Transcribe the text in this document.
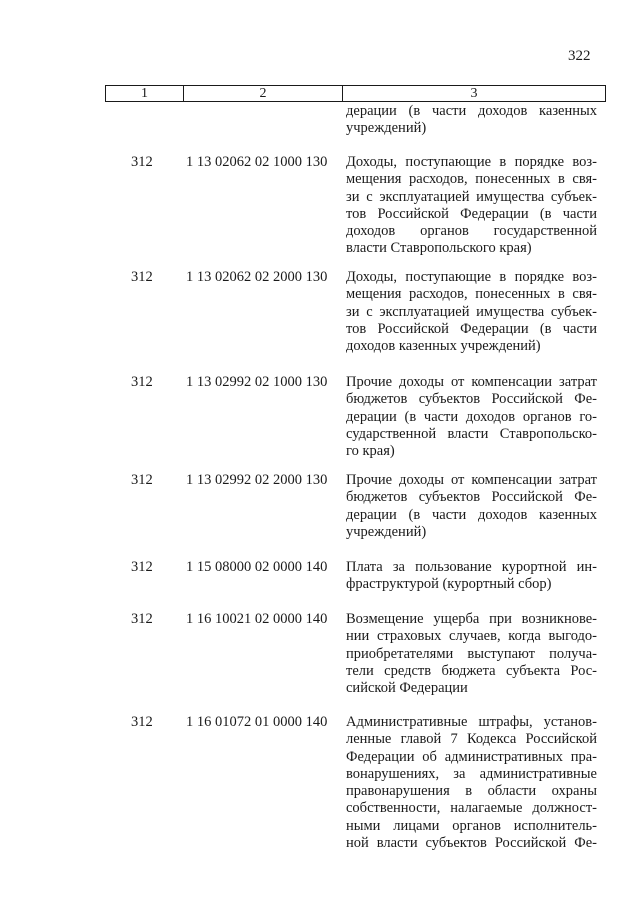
322
1	2	3
дерации (в части доходов казенных
учреждений)
312	1 13 02062 02 1000 130	Доходы, поступающие в порядке воз-
мещения расходов, понесенных в свя-
зи с эксплуатацией имущества субъек-
тов Российской Федерации (в части
доходов органов государственной
власти Ставропольского края)
312	1 13 02062 02 2000 130	Доходы, поступающие в порядке воз-
мещения расходов, понесенных в свя-
зи с эксплуатацией имущества субъек-
тов Российской Федерации (в части
доходов казенных учреждений)
312	1 13 02992 02 1000 130	Прочие доходы от компенсации затрат
бюджетов субъектов Российской Фе-
дерации (в части доходов органов го-
сударственной власти Ставропольско-
го края)
312	1 13 02992 02 2000 130	Прочие доходы от компенсации затрат
бюджетов субъектов Российской Фе-
дерации (в части доходов казенных
учреждений)
312	1 15 08000 02 0000 140	Плата за пользование курортной ин-
фраструктурой (курортный сбор)
312	1 16 10021 02 0000 140	Возмещение ущерба при возникнове-
нии страховых случаев, когда выгодо-
приобретателями выступают получа-
тели средств бюджета субъекта Рос-
сийской Федерации
312	1 16 01072 01 0000 140	Административные штрафы, установ-
ленные главой 7 Кодекса Российской
Федерации об административных пра-
вонарушениях, за административные
правонарушения в области охраны
собственности, налагаемые должност-
ными лицами органов исполнитель-
ной власти субъектов Российской Фе-
